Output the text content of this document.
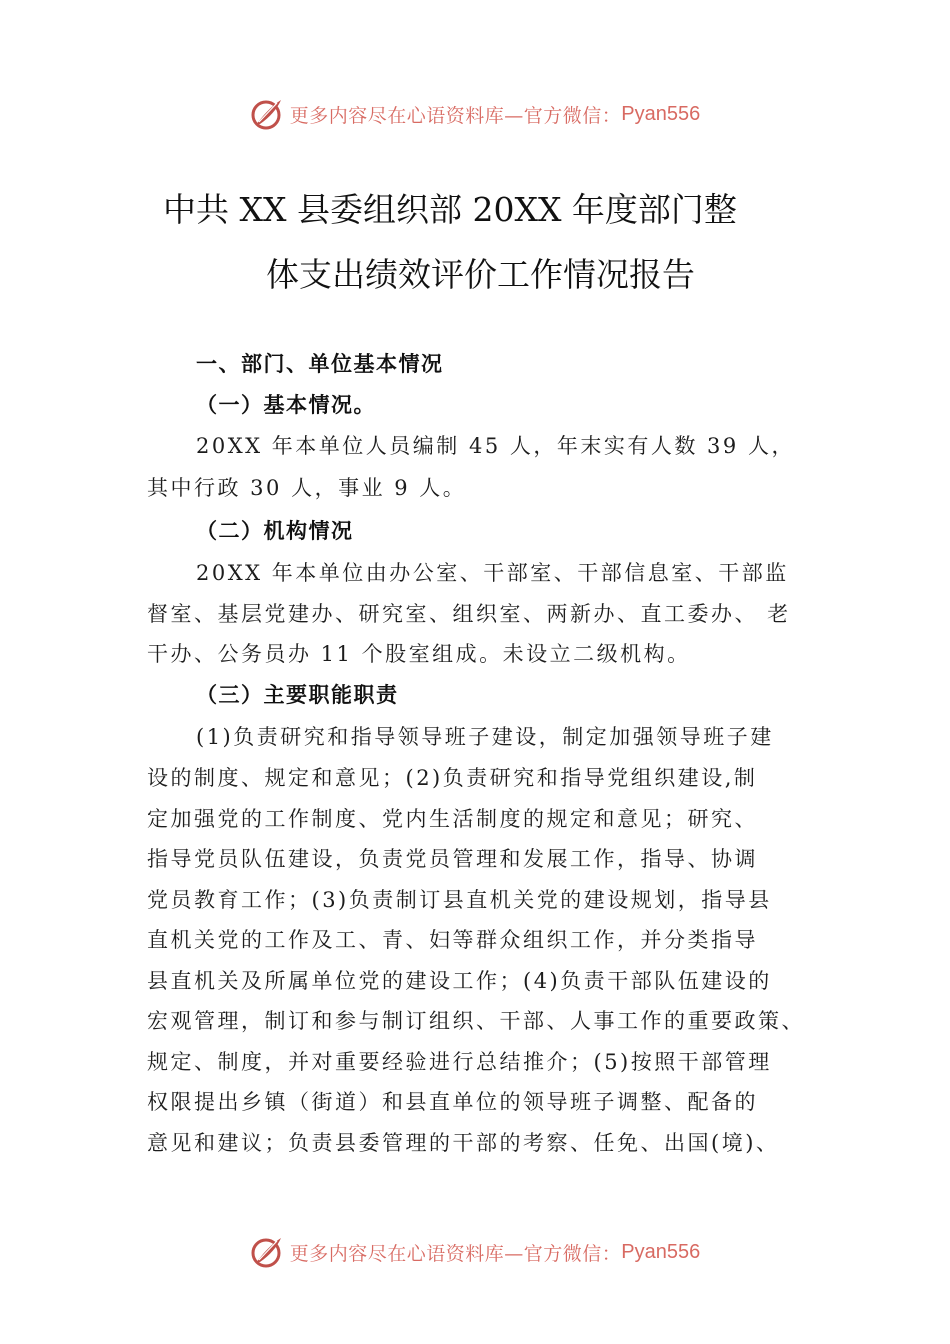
更多内容尽在心语资料库—官方微信： Pyan556
中共 XX 县委组织部 20XX 年度部门整
体支出绩效评价工作情况报告
一、部门、单位基本情况
（一）基本情况。
20XX 年本单位人员编制 45 人，年末实有人数 39 人，
其中行政 30 人，事业 9 人。
（二）机构情况
20XX 年本单位由办公室、干部室、干部信息室、干部监
督室、基层党建办、研究室、组织室、两新办、直工委办、 老
干办、公务员办 11 个股室组成。未设立二级机构。
（三）主要职能职责
(1)负责研究和指导领导班子建设，制定加强领导班子建
设的制度、规定和意见；(2)负责研究和指导党组织建设,制
定加强党的工作制度、党内生活制度的规定和意见；研究、
指导党员队伍建设，负责党员管理和发展工作，指导、协调
党员教育工作；(3)负责制订县直机关党的建设规划，指导县
直机关党的工作及工、青、妇等群众组织工作，并分类指导
县直机关及所属单位党的建设工作；(4)负责干部队伍建设的
宏观管理，制订和参与制订组织、干部、人事工作的重要政策、
规定、制度，并对重要经验进行总结推介；(5)按照干部管理
权限提出乡镇（街道）和县直单位的领导班子调整、配备的
意见和建议；负责县委管理的干部的考察、任免、出国(境)、
更多内容尽在心语资料库—官方微信： Pyan556
